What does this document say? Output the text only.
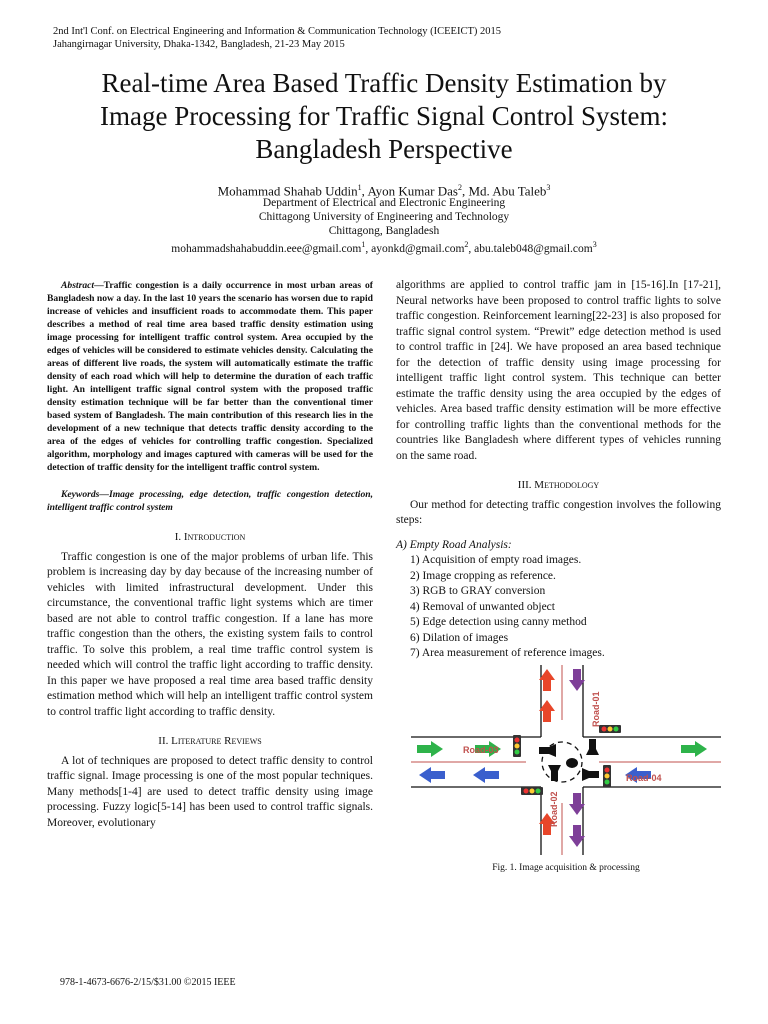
2nd Int'l Conf. on Electrical Engineering and Information & Communication Technology (ICEEICT) 2015
Jahangirnagar University, Dhaka-1342, Bangladesh, 21-23 May 2015
Real-time Area Based Traffic Density Estimation by
Image Processing for Traffic Signal Control System:
Bangladesh Perspective
Mohammad Shahab Uddin$^1$, Ayon Kumar Das$^2$, Md. Abu Taleb$^3$
Department of Electrical and Electronic Engineering
Chittagong University of Engineering and Technology
Chittagong, Bangladesh
mohammadshahabuddin.eee@gmail.com$^1$, ayonkd@gmail.com$^2$, abu.taleb048@gmail.com$^3$

Abstract—Traffic congestion is a daily occurrence in most urban areas of Bangladesh now a day. In the last 10 years the scenario has worsen due to rapid increase of vehicles and insufficient roads to accommodate them. This paper describes a method of real time area based traffic density estimation using image processing for intelligent traffic control system. Area occupied by the edges of vehicles will be considered to estimate vehicles density. Calculating the areas of different live roads, the system will automatically estimate the traffic density of each road which will help to determine the duration of each traffic light. An intelligent traffic signal control system with the proposed traffic density estimation technique will be far better than the conventional timer based system of Bangladesh. The main contribution of this research lies in the development of a new technique that detects traffic density according to the area of the edges of vehicles for controlling traffic congestion. Specialized algorithm, morphology and images captured with cameras will be used for the detection of traffic density for the intelligent traffic control system.

Keywords—Image processing, edge detection, traffic congestion detection, intelligent traffic control system

I. Introduction

Traffic congestion is one of the major problems of urban life. This problem is increasing day by day because of the increasing number of vehicles with limited infrastructural development. Under this circumstance, the conventional traffic light systems which are timer based are not able to control traffic congestion. If a lane has more traffic congestion than the others, the existing system fails to control traffic. To solve this problem, a real time traffic control system is needed which will control the traffic light according to traffic density. In this paper we have proposed a real time area based traffic density estimation method which will help an intelligent traffic control system to control traffic light according to traffic density.

II. Literature Reviews

A lot of techniques are proposed to detect traffic density to control traffic signal. Image processing is one of the most popular techniques. Many methods[1-4] are used to detect traffic density using image processing. Fuzzy logic[5-14] has been used to control traffic signals. Moreover, evolutionary

algorithms are applied to control traffic jam in [15-16].In [17-21], Neural networks have been proposed to control traffic lights to solve traffic congestion. Reinforcement learning[22-23] is also proposed for traffic signal control system. “Prewit” edge detection method is used to control traffic in [24]. We have proposed an area based technique for the detection of traffic density using image processing for intelligent traffic light control system. This technique can better estimate the traffic density using the area occupied by the edges of vehicles. Area based traffic density estimation will be more effective for controlling traffic lights than the conventional methods for the countries like Bangladesh where different types of vehicles running on the same road.

III. Methodology

Our method for detecting traffic congestion involves the following steps:

A) Empty Road Analysis:

1) Acquisition of empty road images.
2) Image cropping as reference.
3) RGB to GRAY conversion
4) Removal of unwanted object
5) Edge detection using canny method
6) Dilation of images
7) Area measurement of reference images.
Road-03
Road-04
Road-01
Road-02
Fig. 1. Image acquisition & processing
978-1-4673-6676-2/15/$31.00 ©2015 IEEE
